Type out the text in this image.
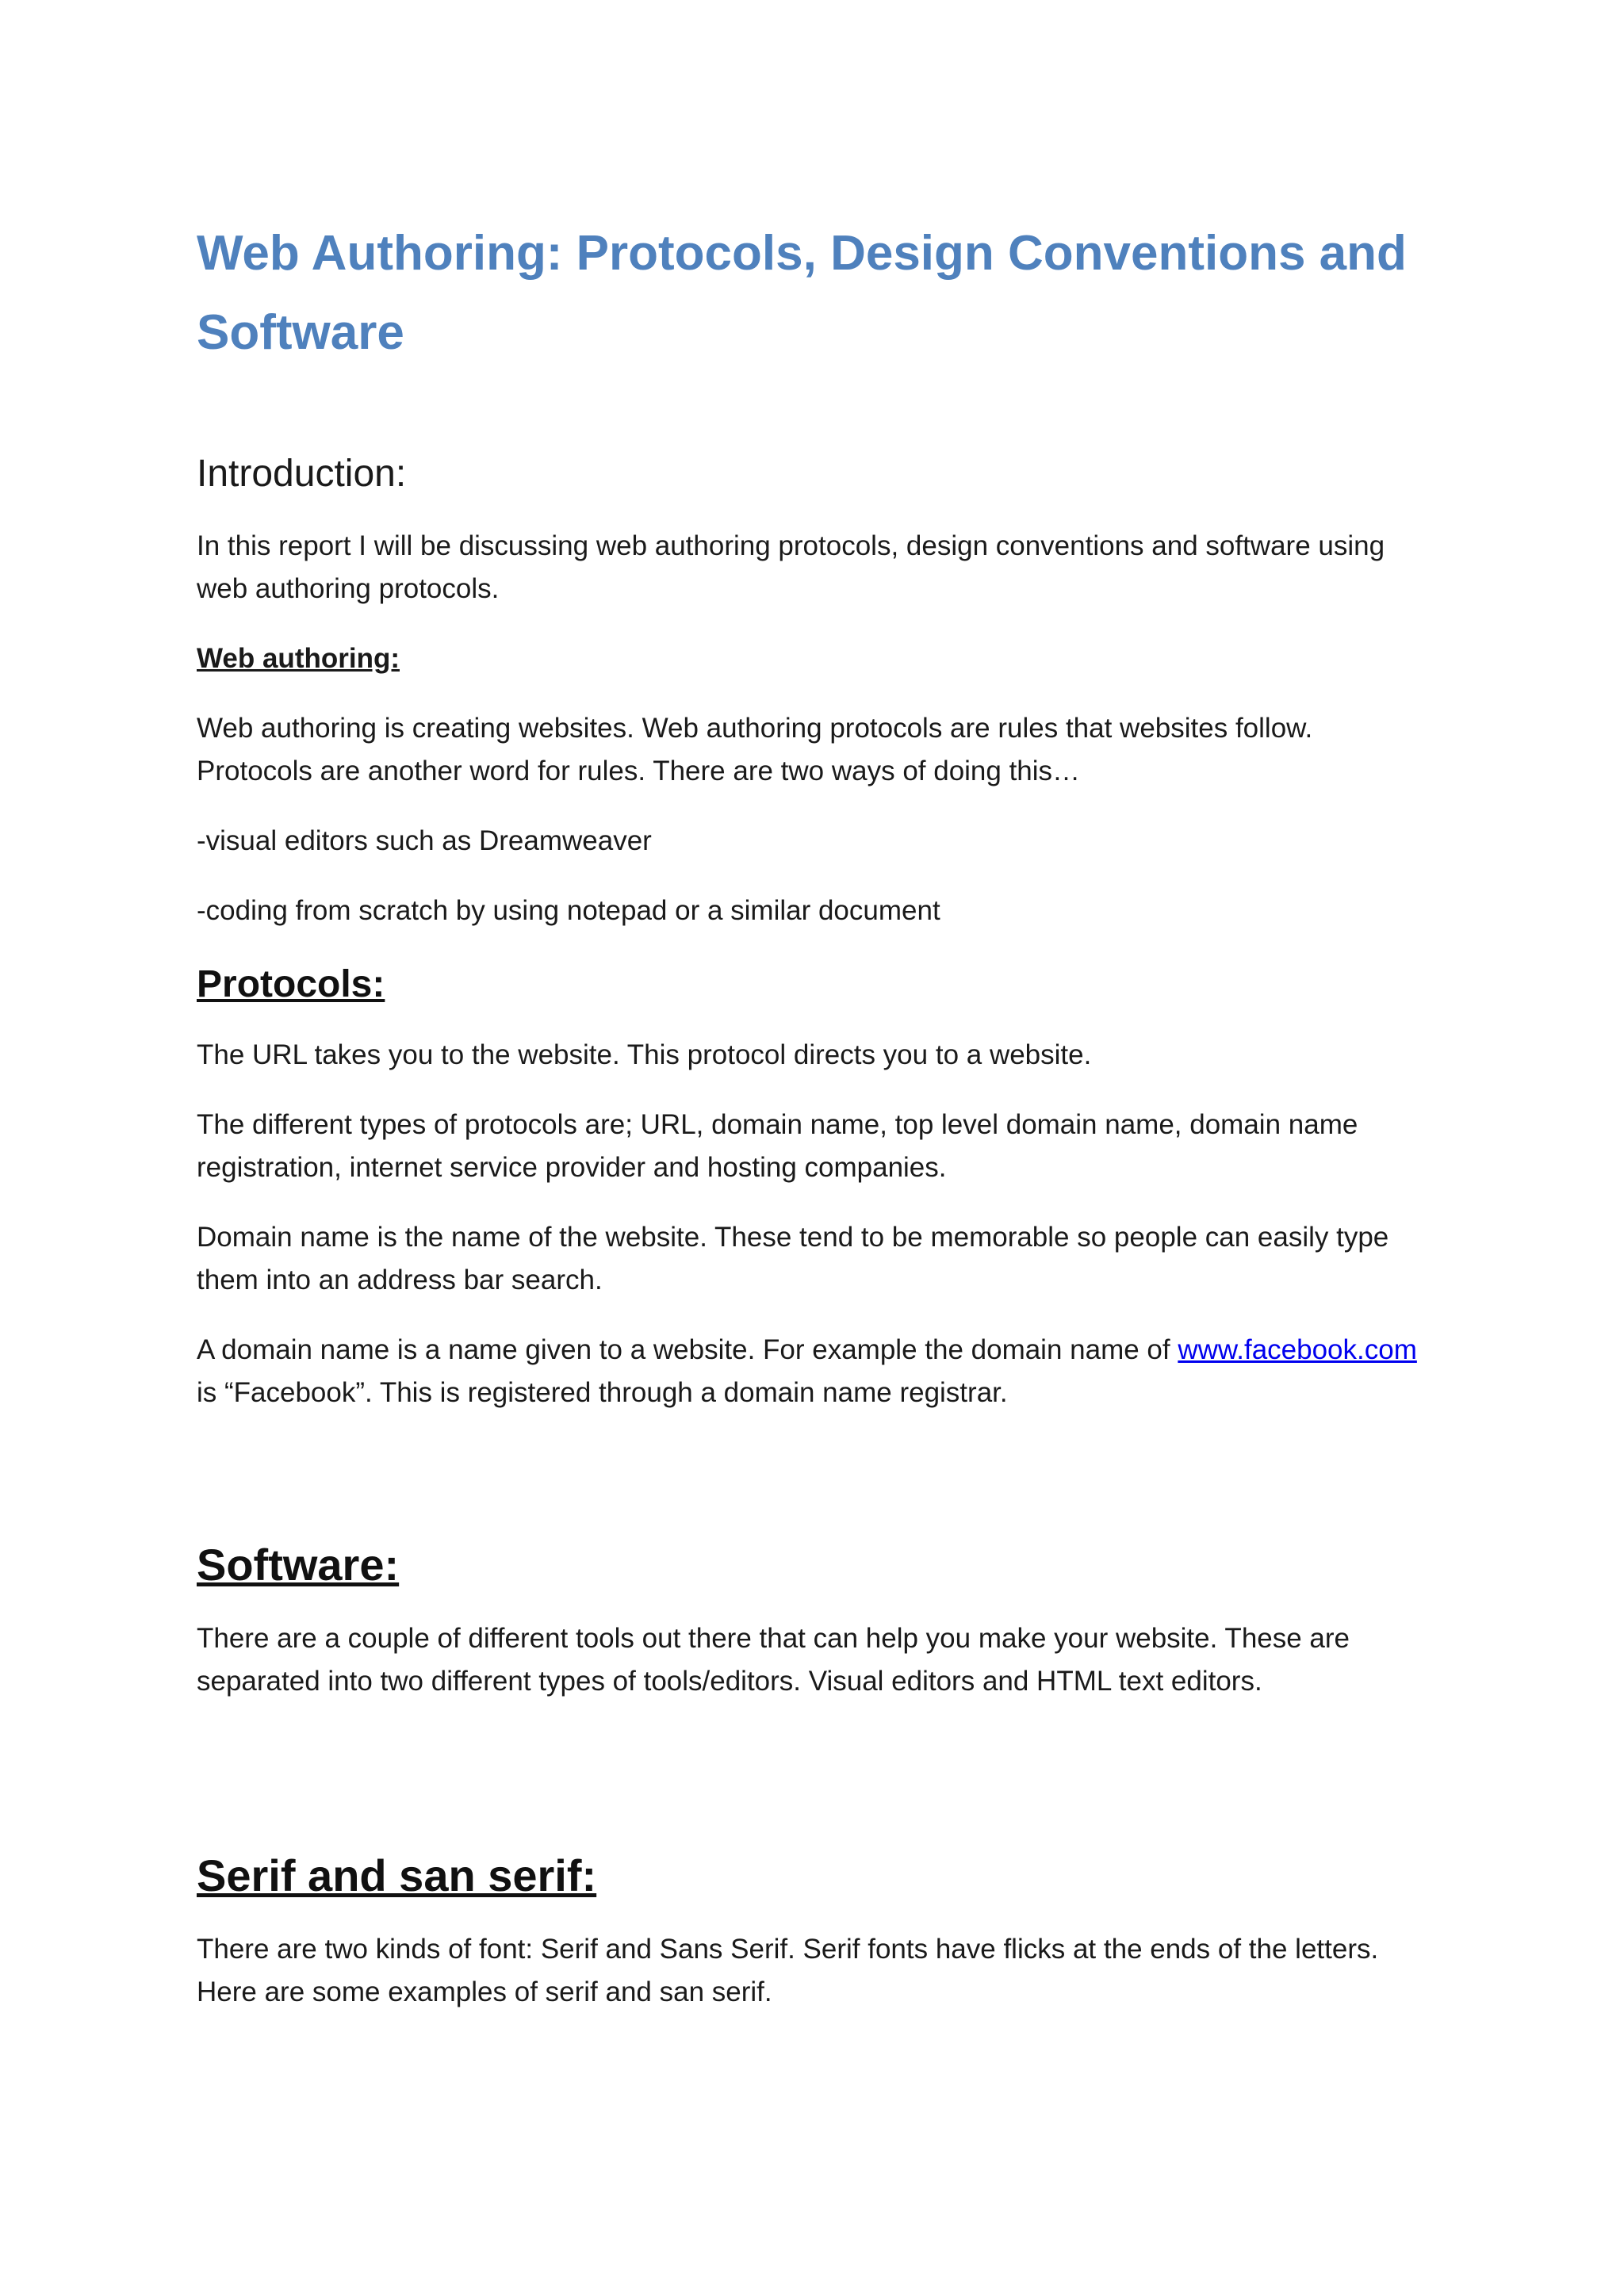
Web Authoring: Protocols, Design Conventions and Software
Introduction:

In this report I will be discussing web authoring protocols, design conventions and software using web authoring protocols.

Web authoring:

Web authoring is creating websites. Web authoring protocols are rules that websites follow. Protocols are another word for rules. There are two ways of doing this…

-visual editors such as Dreamweaver

-coding from scratch by using notepad or a similar document

Protocols:

The URL takes you to the website. This protocol directs you to a website.

The different types of protocols are; URL, domain name, top level domain name, domain name registration, internet service provider and hosting companies.

Domain name is the name of the website. These tend to be memorable so people can easily type them into an address bar search.

A domain name is a name given to a website. For example the domain name of www.facebook.com is “Facebook”. This is registered through a domain name registrar.

Software:

There are a couple of different tools out there that can help you make your website. These are separated into two different types of tools/editors. Visual editors and HTML text editors.

Serif and san serif:

There are two kinds of font: Serif and Sans Serif. Serif fonts have flicks at the ends of the letters. Here are some examples of serif and san serif.
